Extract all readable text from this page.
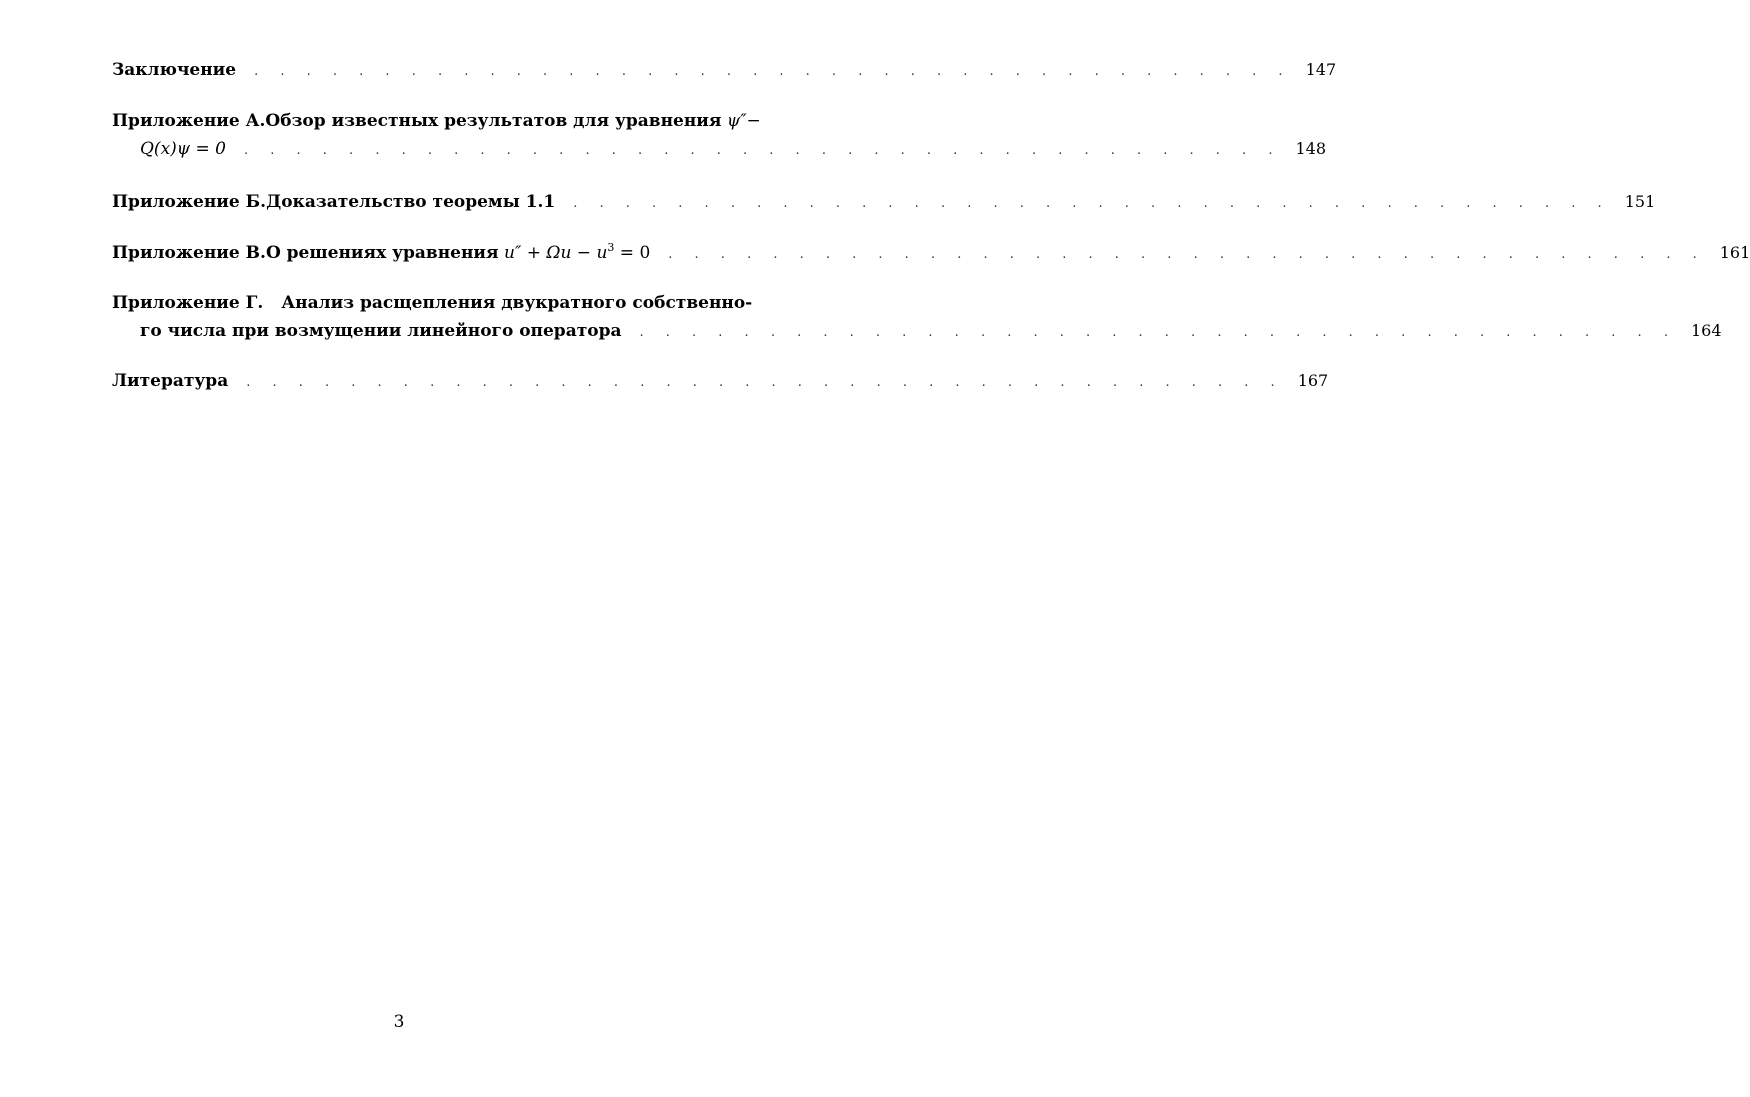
Заключение . . . . . . . . . . . . . . . . . . . . . . . . . . . . . . . . . . . . . . . . 147
Приложение А. Обзор известных результатов для уравнения
ψ″−
Q(x)ψ = 0 . . . . . . . . . . . . . . . . . . . . . . . . . . . . . . . . . . . . . . . . 148
Приложение Б. Доказательство теоремы 1.1 . . . . . . . . . . . . . . . . . . . . . . . . . . . . . . . . . . . . . . . . 151
Приложение В. О решениях уравнения
$u'' + \Omega u - u^3 = 0$ . . . . . . . . . . . . . . . . . . . . . . . . . . . . . . . . . . . . . . . . 161
Приложение Г. Анализ расщепления двукратного собственно-
го числа при возмущении линейного оператора . . . . . . . . . . . . . . . . . . . . . . . . . . . . . . . . . . . . . . . . 164
Литература . . . . . . . . . . . . . . . . . . . . . . . . . . . . . . . . . . . . . . . . 167
3
